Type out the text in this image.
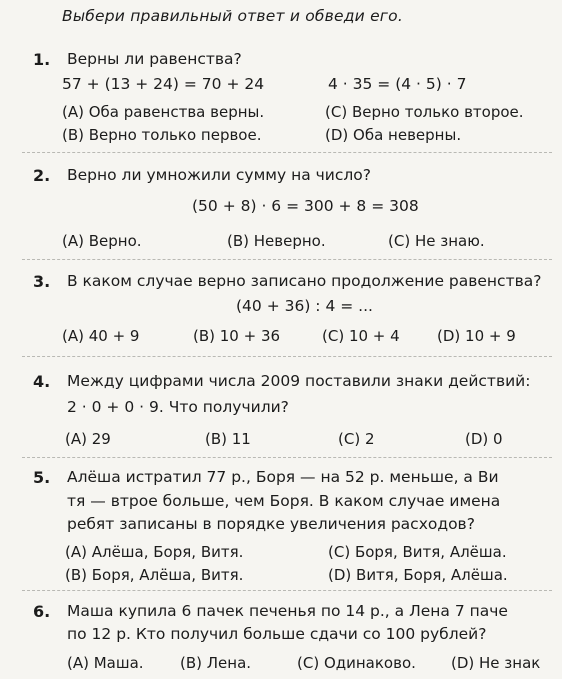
Выбери правильный ответ и обведи его.
1. Верны ли равенства?
57 + (13 + 24) = 70 + 24	4 · 35 = (4 · 5) · 7
(A) Оба равенства верны.	(C) Верно только второе.
(B) Верно только первое.	(D) Оба неверны.
2. Верно ли умножили сумму на число?
(50 + 8) · 6 = 300 + 8 = 308
(A) Верно.	(B) Неверно.	(C) Не знаю.
3. В каком случае верно записано продолжение равенства?
(40 + 36) : 4 = ...
(A) 40 + 9	(B) 10 + 36	(C) 10 + 4 (D) 10 + 9
4. Между цифрами числа 2009 поставили знаки действий:
2 · 0 + 0 · 9. Что получили?
(A) 29	(B) 11	(C) 2	(D) 0
5. Алёша истратил 77 р., Боря — на 52 р. меньше, а Ви
тя — втрое больше, чем Боря. В каком случае имена
ребят записаны в порядке увеличения расходов?
(A) Алёша, Боря, Витя.	(C) Боря, Витя, Алёша.
(B) Боря, Алёша, Витя.	(D) Витя, Боря, Алёша.
6. Маша купила 6 пачек печенья по 14 р., а Лена 7 паче
по 12 р. Кто получил больше сдачи со 100 рублей?
(A) Маша. (B) Лена.	(C) Одинаково. (D) Не знак
